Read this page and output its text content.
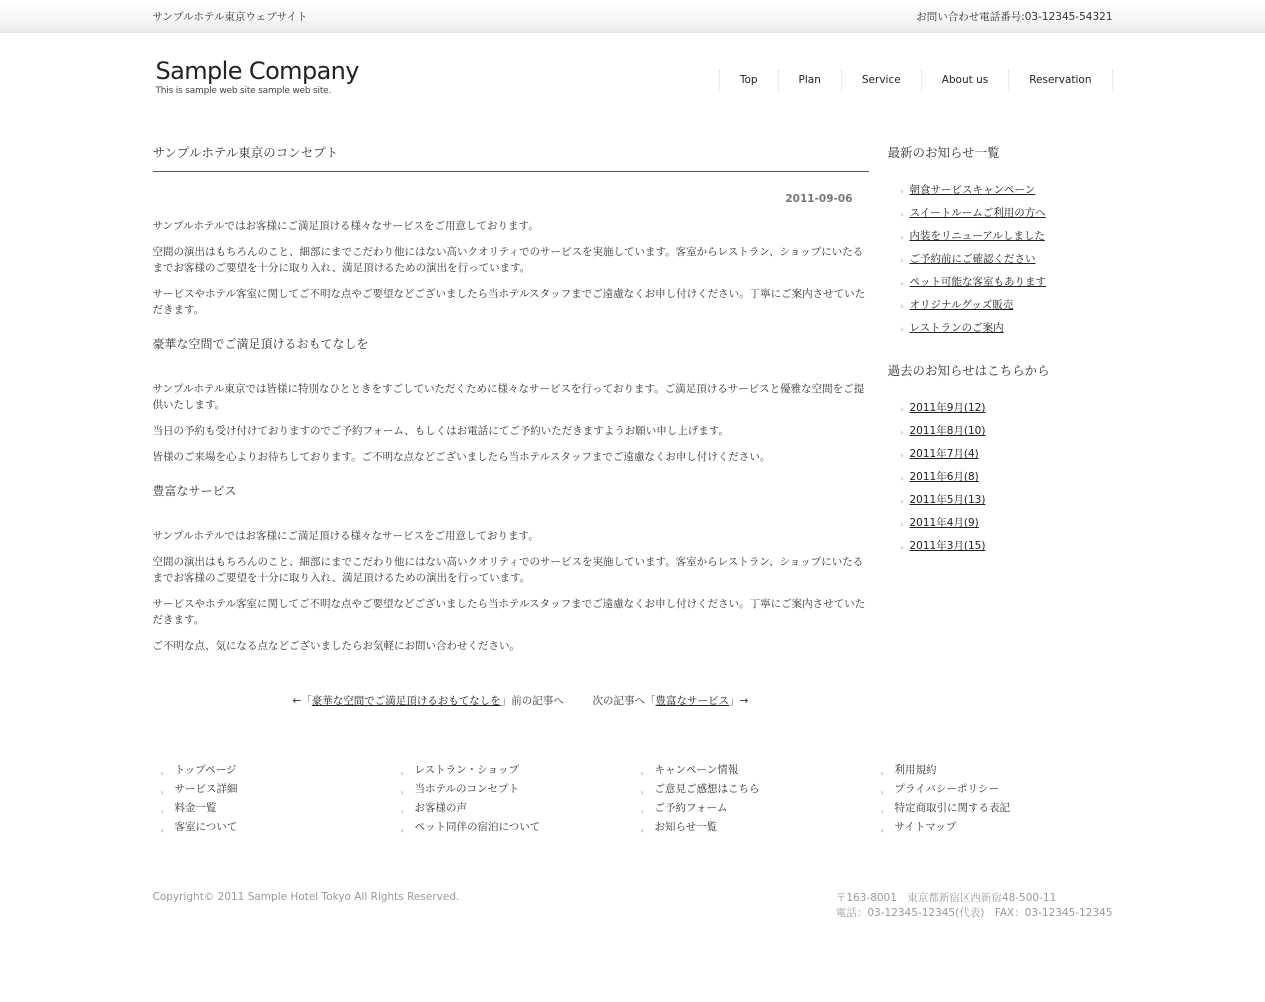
サンプルホテル東京ウェブサイト	お問い合わせ電話番号:03-12345-54321
Sample Company
This is sample web site sample web site.
Top	Plan	Service	About us	Reservation
サンプルホテル東京のコンセプト
2011-09-06

サンプルホテルではお客様にご満足頂ける様々なサービスをご用意しております。

空間の演出はもちろんのこと、細部にまでこだわり他にはない高いクオリティでのサービスを実施しています。客室からレストラン、ショップにいたるまでお客様のご要望を十分に取り入れ、満足頂けるための演出を行っています。

サービスやホテル客室に関してご不明な点やご要望などございましたら当ホテルスタッフまでご遠慮なくお申し付けください。丁寧にご案内させていただきます。

豪華な空間でご満足頂けるおもてなしを

サンプルホテル東京では皆様に特別なひとときをすごしていただくために様々なサービスを行っております。ご満足頂けるサービスと優雅な空間をご提供いたします。

当日の予約も受け付けておりますのでご予約フォーム、もしくはお電話にてご予約いただきますようお願い申し上げます。

皆様のご来場を心よりお待ちしております。ご不明な点などございましたら当ホテルスタッフまでご遠慮なくお申し付けください。

豊富なサービス

サンプルホテルではお客様にご満足頂ける様々なサービスをご用意しております。

空間の演出はもちろんのこと、細部にまでこだわり他にはない高いクオリティでのサービスを実施しています。客室からレストラン、ショップにいたるまでお客様のご要望を十分に取り入れ、満足頂けるための演出を行っています。

サービスやホテル客室に関してご不明な点やご要望などございましたら当ホテルスタッフまでご遠慮なくお申し付けください。丁寧にご案内させていただきます。

ご不明な点、気になる点などございましたらお気軽にお問い合わせください。

←「豪華な空間でご満足頂けるおもてなしを」前の記事へ	次の記事へ「豊富なサービス」→
最新のお知らせ一覧
› 朝食サービスキャンペーン
› スイートルームご利用の方へ
› 内装をリニューアルしました
› ご予約前にご確認ください
› ペット可能な客室もあります
› オリジナルグッズ販売
› レストランのご案内
過去のお知らせはこちらから
› 2011年9月(12)
› 2011年8月(10)
› 2011年7月(4)
› 2011年6月(8)
› 2011年5月(13)
› 2011年4月(9)
› 2011年3月(15)
› トップページ
› サービス詳細
› 料金一覧
› 客室について
› レストラン・ショップ
› 当ホテルのコンセプト
› お客様の声
› ペット同伴の宿泊について
› キャンペーン情報
› ご意見ご感想はこちら
› ご予約フォーム
› お知らせ一覧
› 利用規約
› プライバシーポリシー
› 特定商取引に関する表記
› サイトマップ
Copyright© 2011 Sample Hotel Tokyo All Rights Reserved.	〒163-8001　東京都新宿区西新宿48-500-11
電話：03-12345-12345(代表)　FAX：03-12345-12345
